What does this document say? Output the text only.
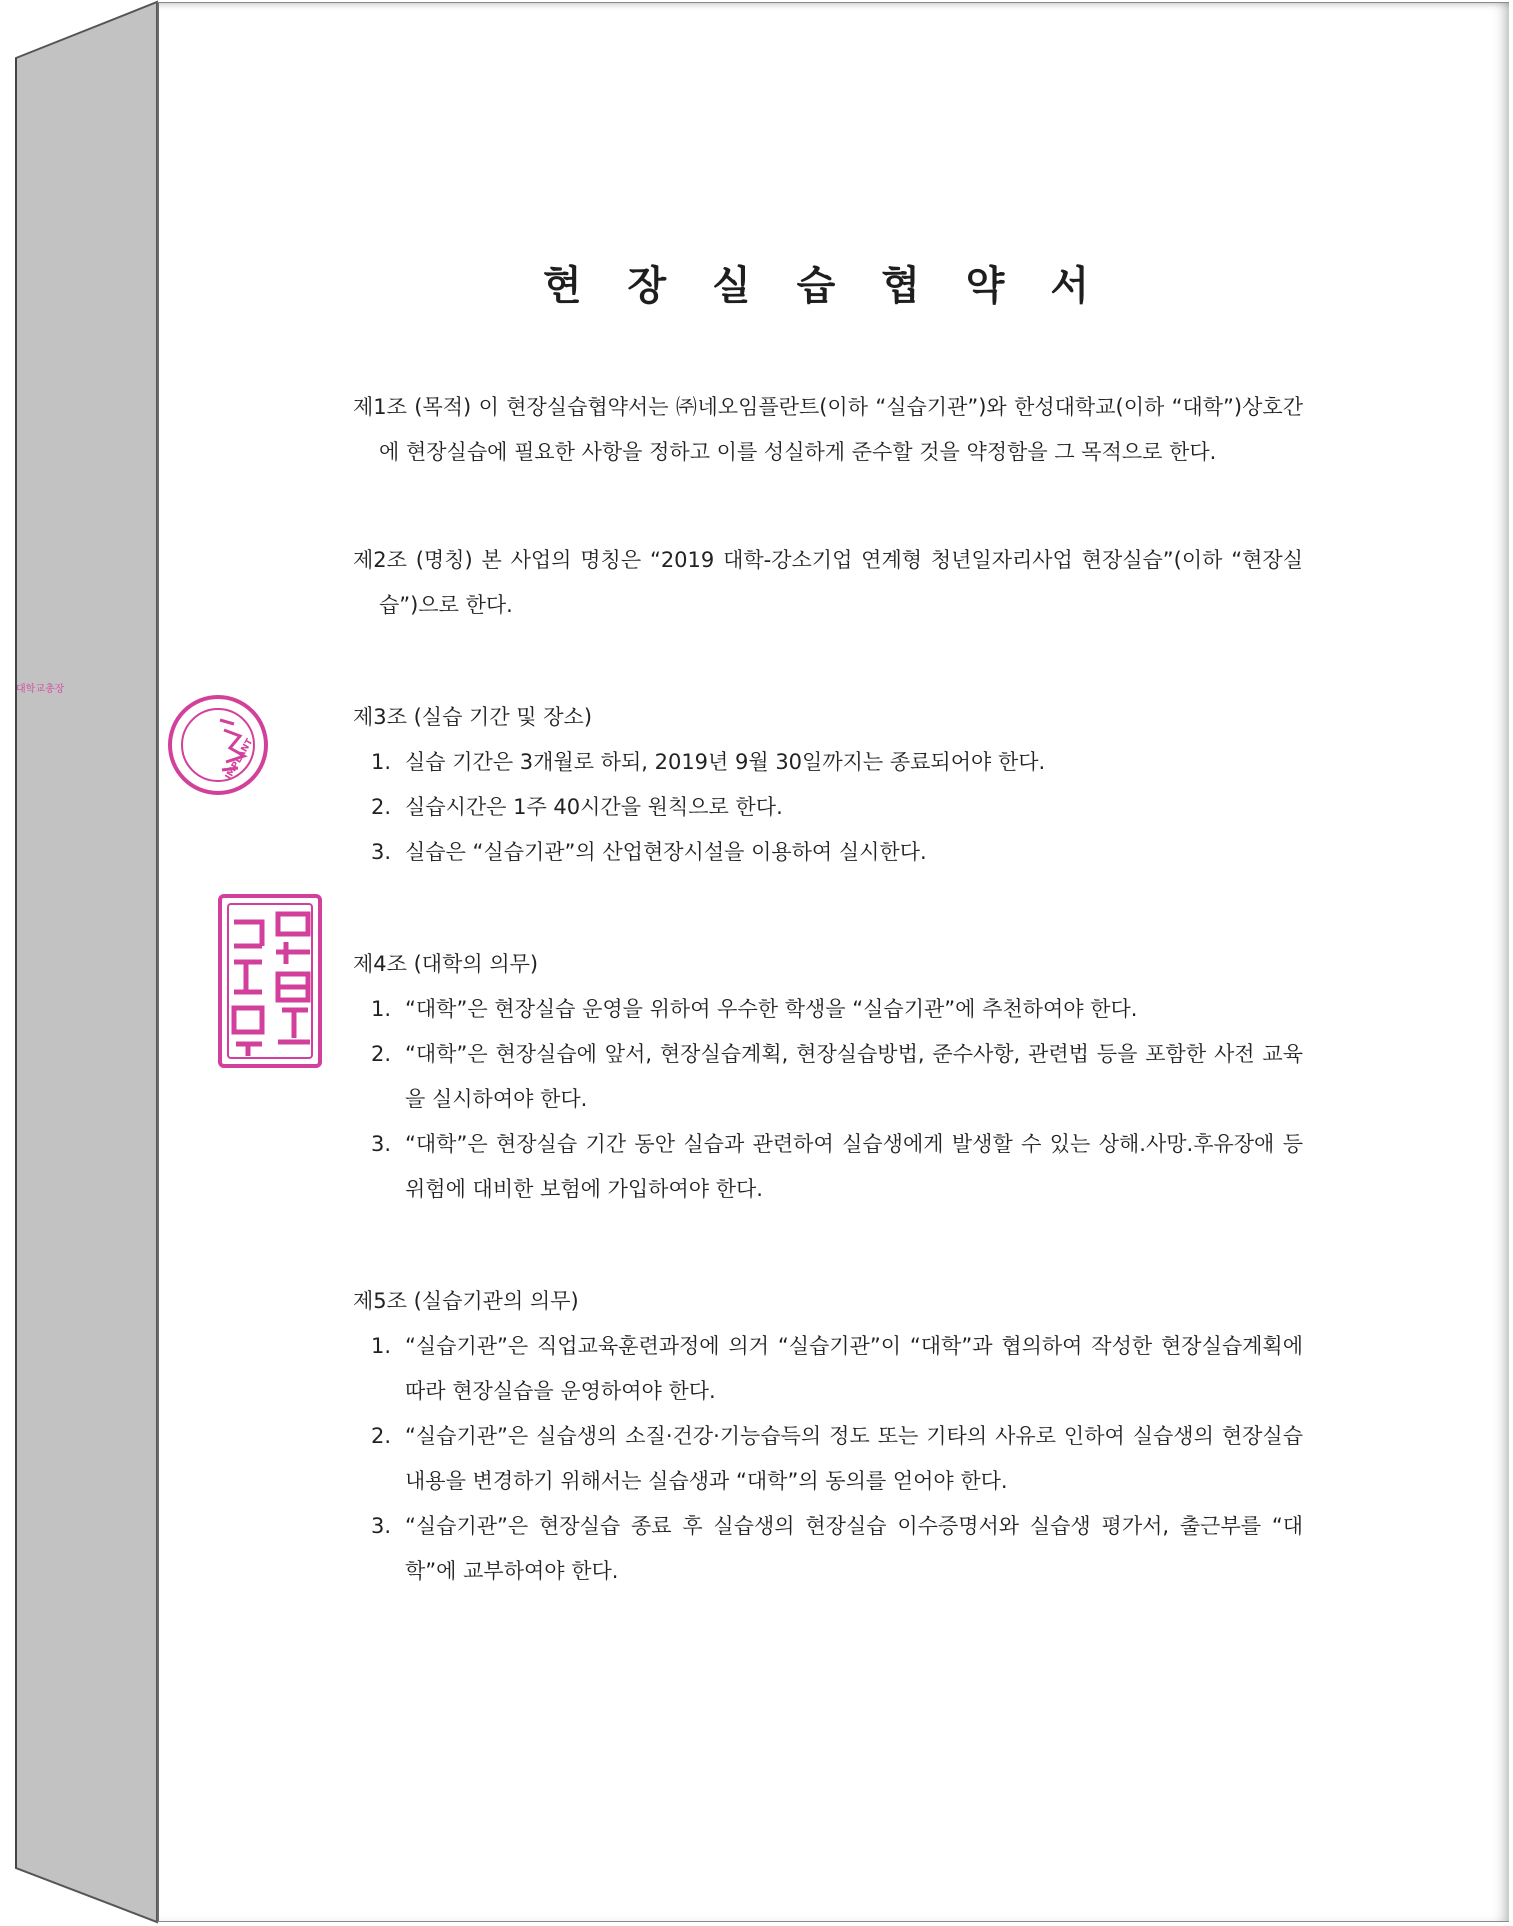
IMPLANT
대학교총장
현 장 실 습 협 약 서

제1조 (목적) 이 현장실습협약서는 ㈜네오임플란트(이하 “실습기관”)와 한성대학교(이하 “대학”)상호간에 현장실습에 필요한 사항을 정하고 이를 성실하게 준수할 것을 약정함을 그 목적으로 한다.

제2조 (명칭) 본 사업의 명칭은 “2019 대학-강소기업 연계형 청년일자리사업 현장실습”(이하 “현장실습”)으로 한다.

제3조 (실습 기간 및 장소)

1. 실습 기간은 3개월로 하되, 2019년 9월 30일까지는 종료되어야 한다.
2. 실습시간은 1주 40시간을 원칙으로 한다.
3. 실습은 “실습기관”의 산업현장시설을 이용하여 실시한다.

제4조 (대학의 의무)

1. “대학”은 현장실습 운영을 위하여 우수한 학생을 “실습기관”에 추천하여야 한다.
2. “대학”은 현장실습에 앞서, 현장실습계획, 현장실습방법, 준수사항, 관련법 등을 포함한 사전 교육을 실시하여야 한다.
3. “대학”은 현장실습 기간 동안 실습과 관련하여 실습생에게 발생할 수 있는 상해.사망.후유장애 등 위험에 대비한 보험에 가입하여야 한다.

제5조 (실습기관의 의무)

1. “실습기관”은 직업교육훈련과정에 의거 “실습기관”이 “대학”과 협의하여 작성한 현장실습계획에 따라 현장실습을 운영하여야 한다.
2. “실습기관”은 실습생의 소질·건강·기능습득의 정도 또는 기타의 사유로 인하여 실습생의 현장실습내용을 변경하기 위해서는 실습생과 “대학”의 동의를 얻어야 한다.
3. “실습기관”은 현장실습 종료 후 실습생의 현장실습 이수증명서와 실습생 평가서, 출근부를 “대학”에 교부하여야 한다.
